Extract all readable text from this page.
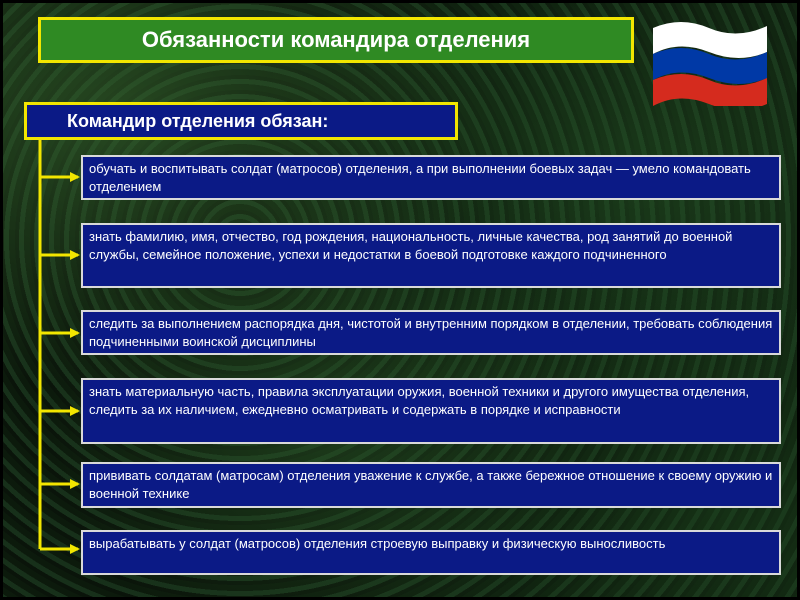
Обязанности командира отделения
Командир отделения обязан:
обучать и воспитывать солдат (матросов) отделения, а при выполнении боевых задач — умело командовать отделением
знать фамилию, имя, отчество, год рождения, национальность, личные качества, род занятий до военной службы, семейное положение, успехи и недостатки в боевой подготовке каждого подчиненного
следить за выполнением распорядка дня, чистотой и внутренним порядком в отделении, требовать соблюдения подчиненными воинской дисциплины
знать материальную часть, правила эксплуатации оружия, военной техники и другого имущества отделения, следить за их наличием, ежедневно осматривать и содержать в порядке и исправности
прививать солдатам (матросам) отделения уважение к службе, а также бережное отношение к своему оружию и военной технике
вырабатывать у солдат (матросов) отделения строевую выправку и физическую выносливость
